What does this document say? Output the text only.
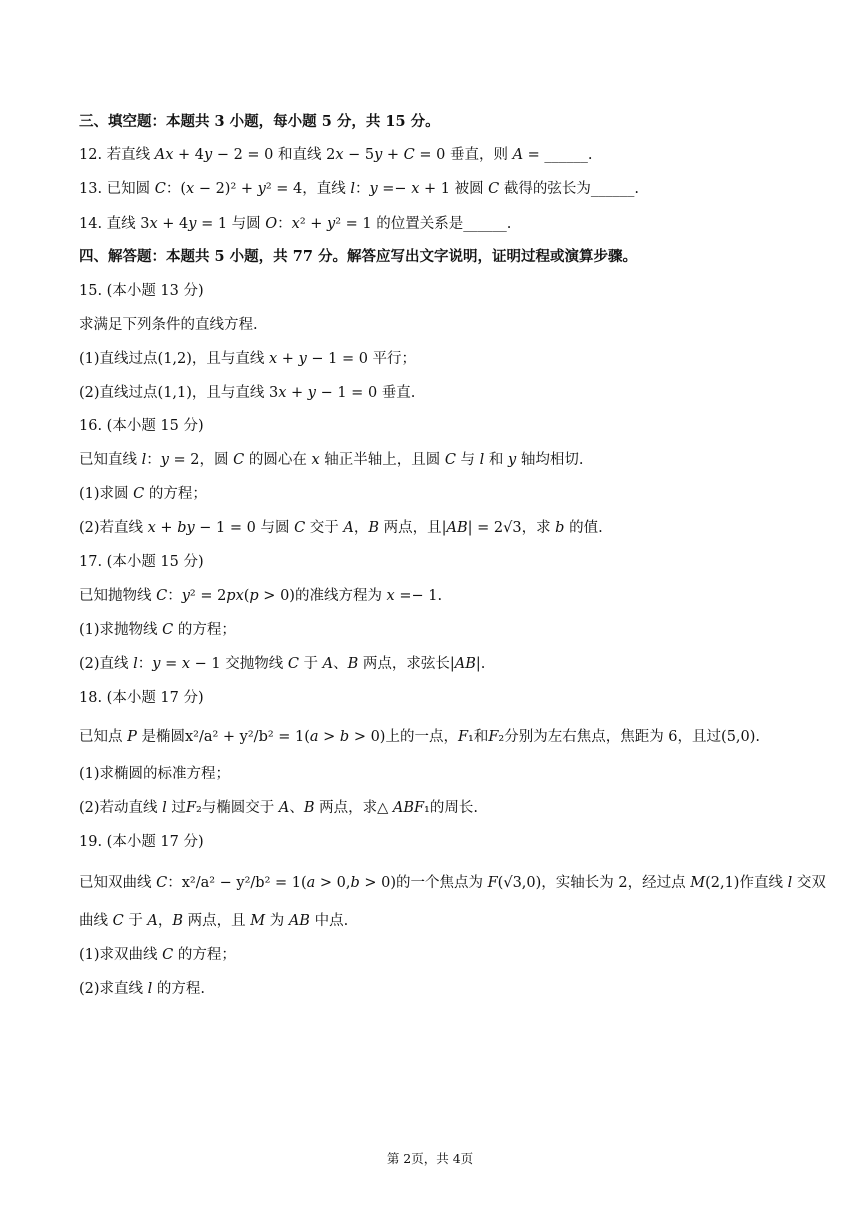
三、填空题：本题共 3 小题，每小题 5 分，共 15 分。
12. 若直线 𝐴𝑥 + 4𝑦 − 2 = 0 和直线 2𝑥 − 5𝑦 + 𝐶 = 0 垂直，则 𝐴 = ______.
13. 已知圆 𝐶：(𝑥 − 2)² + 𝑦² = 4，直线 𝑙：𝑦 =− 𝑥 + 1 被圆 𝐶 截得的弦长为______.
14. 直线 3𝑥 + 4𝑦 = 1 与圆 𝑂：𝑥² + 𝑦² = 1 的位置关系是______.
四、解答题：本题共 5 小题，共 77 分。解答应写出文字说明，证明过程或演算步骤。
15. (本小题 13 分)
求满足下列条件的直线方程.
(1)直线过点(1,2)，且与直线 𝑥 + 𝑦 − 1 = 0 平行；
(2)直线过点(1,1)，且与直线 3𝑥 + 𝑦 − 1 = 0 垂直.
16. (本小题 15 分)
已知直线 𝑙：𝑦 = 2，圆 𝐶 的圆心在 𝑥 轴正半轴上，且圆 𝐶 与 𝑙 和 𝑦 轴均相切.
(1)求圆 𝐶 的方程；
(2)若直线 𝑥 + 𝑏𝑦 − 1 = 0 与圆 𝐶 交于 𝐴，𝐵 两点，且|𝐴𝐵| = 2√3，求 𝑏 的值.
17. (本小题 15 分)
已知抛物线 𝐶：𝑦² = 2𝑝𝑥(𝑝 > 0)的准线方程为 𝑥 =− 1.
(1)求抛物线 𝐶 的方程；
(2)直线 𝑙：𝑦 = 𝑥 − 1 交抛物线 𝐶 于 𝐴、𝐵 两点，求弦长|𝐴𝐵|.
18. (本小题 17 分)
已知点 𝑃 是椭圆x²/a² + y²/b² = 1(𝑎 > 𝑏 > 0)上的一点，𝐹₁和𝐹₂分别为左右焦点，焦距为 6，且过(5,0).
(1)求椭圆的标准方程；
(2)若动直线 𝑙 过𝐹₂与椭圆交于 𝐴、𝐵 两点，求△ 𝐴𝐵𝐹₁的周长.
19. (本小题 17 分)
已知双曲线 𝐶：x²/a² − y²/b² = 1(𝑎 > 0,𝑏 > 0)的一个焦点为 𝐹(√3,0)，实轴长为 2，经过点 𝑀(2,1)作直线 𝑙 交双
曲线 𝐶 于 𝐴，𝐵 两点，且 𝑀 为 𝐴𝐵 中点.
(1)求双曲线 𝐶 的方程；
(2)求直线 𝑙 的方程.
第 2页，共 4页
